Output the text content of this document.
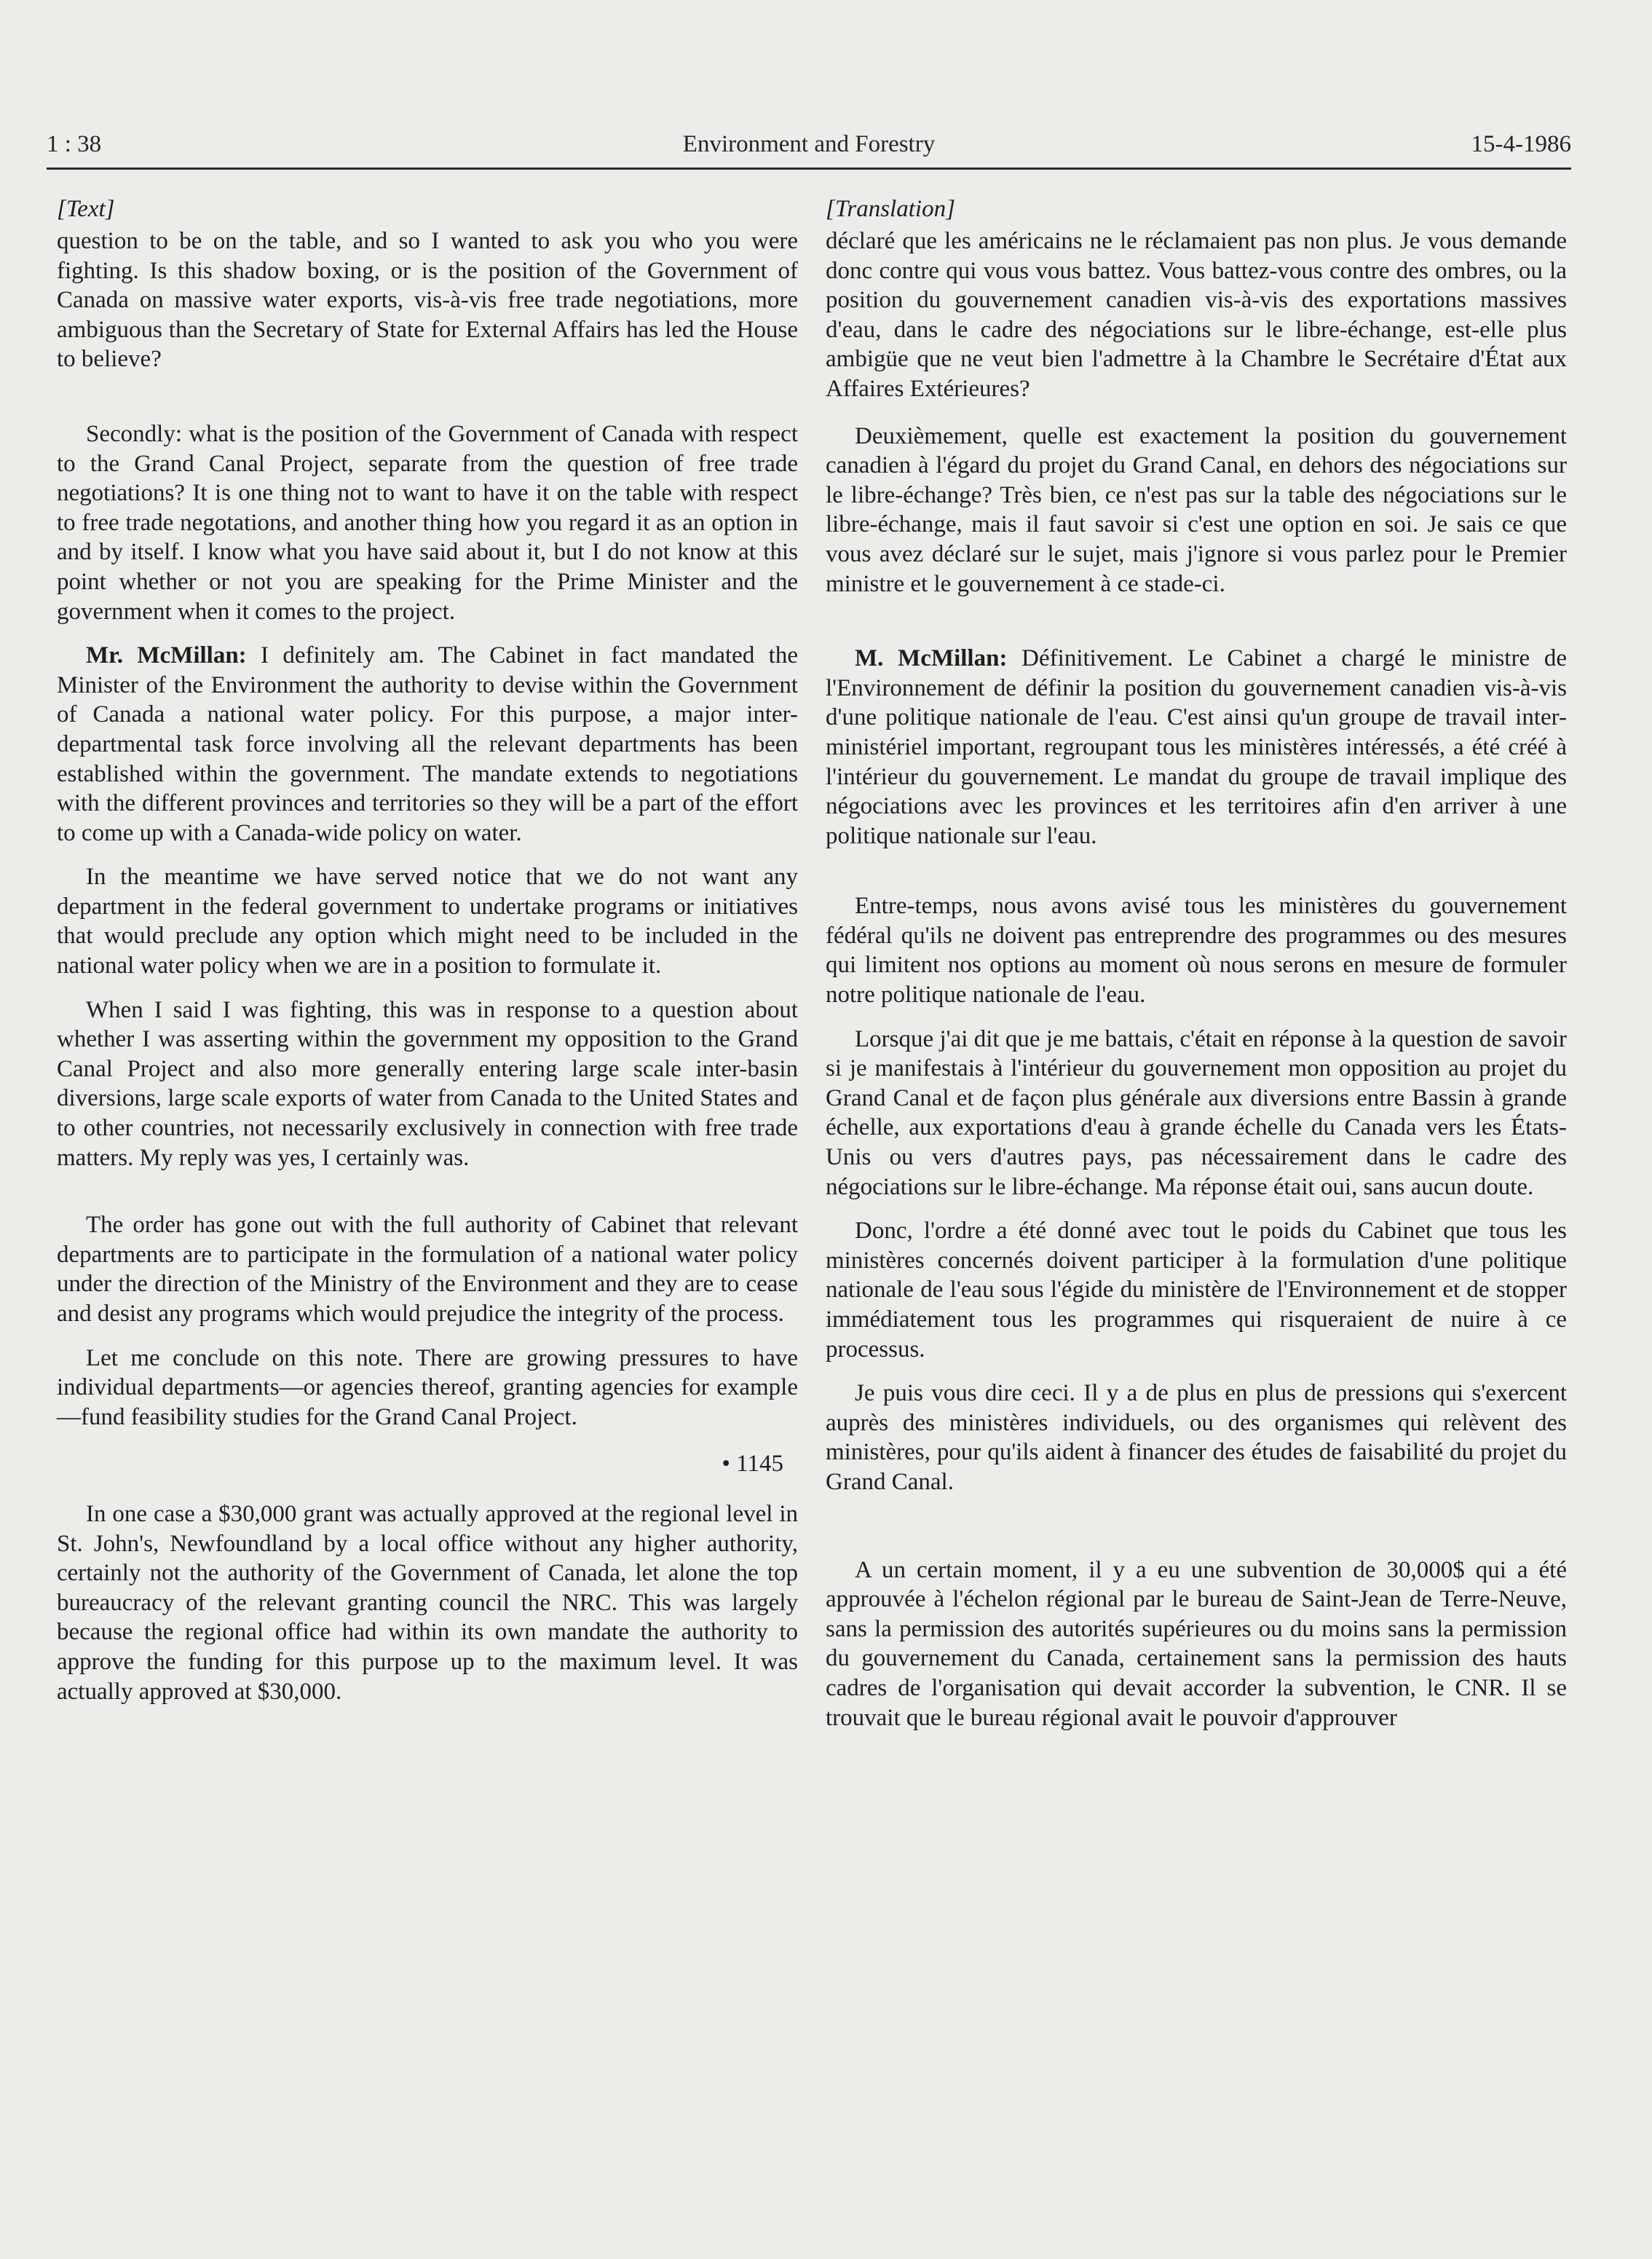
1 : 38	Environment and Forestry	15-4-1986
[Text]

question to be on the table, and so I wanted to ask you who you were fighting. Is this shadow boxing, or is the position of the Government of Canada on massive water exports, vis-à-vis free trade negotiations, more ambiguous than the Secretary of State for External Affairs has led the House to believe?

Secondly: what is the position of the Government of Canada with respect to the Grand Canal Project, separate from the question of free trade negotiations? It is one thing not to want to have it on the table with respect to free trade negotations, and another thing how you regard it as an option in and by itself. I know what you have said about it, but I do not know at this point whether or not you are speaking for the Prime Minister and the government when it comes to the project.

Mr. McMillan: I definitely am. The Cabinet in fact mandated the Minister of the Environment the authority to devise within the Government of Canada a national water policy. For this purpose, a major inter-departmental task force involving all the relevant departments has been established within the government. The mandate extends to negotiations with the different provinces and territories so they will be a part of the effort to come up with a Canada-wide policy on water.

In the meantime we have served notice that we do not want any department in the federal government to undertake programs or initiatives that would preclude any option which might need to be included in the national water policy when we are in a position to formulate it.

When I said I was fighting, this was in response to a question about whether I was asserting within the government my opposition to the Grand Canal Project and also more generally entering large scale inter-basin diversions, large scale exports of water from Canada to the United States and to other countries, not necessarily exclusively in connection with free trade matters. My reply was yes, I certainly was.

The order has gone out with the full authority of Cabinet that relevant departments are to participate in the formulation of a national water policy under the direction of the Ministry of the Environment and they are to cease and desist any programs which would prejudice the integrity of the process.

Let me conclude on this note. There are growing pressures to have individual departments—or agencies thereof, granting agencies for example—fund feasibility studies for the Grand Canal Project.

• 1145

In one case a $30,000 grant was actually approved at the regional level in St. John's, Newfoundland by a local office without any higher authority, certainly not the authority of the Government of Canada, let alone the top bureaucracy of the relevant granting council the NRC. This was largely because the regional office had within its own mandate the authority to approve the funding for this purpose up to the maximum level. It was actually approved at $30,000.

[Translation]

déclaré que les américains ne le réclamaient pas non plus. Je vous demande donc contre qui vous vous battez. Vous battez-vous contre des ombres, ou la position du gouvernement canadien vis-à-vis des exportations massives d'eau, dans le cadre des négociations sur le libre-échange, est-elle plus ambigüe que ne veut bien l'admettre à la Chambre le Secrétaire d'État aux Affaires Extérieures?

Deuxièmement, quelle est exactement la position du gouvernement canadien à l'égard du projet du Grand Canal, en dehors des négociations sur le libre-échange? Très bien, ce n'est pas sur la table des négociations sur le libre-échange, mais il faut savoir si c'est une option en soi. Je sais ce que vous avez déclaré sur le sujet, mais j'ignore si vous parlez pour le Premier ministre et le gouvernement à ce stade-ci.

M. McMillan: Définitivement. Le Cabinet a chargé le ministre de l'Environnement de définir la position du gouvernement canadien vis-à-vis d'une politique nationale de l'eau. C'est ainsi qu'un groupe de travail inter-ministériel important, regroupant tous les ministères intéressés, a été créé à l'intérieur du gouvernement. Le mandat du groupe de travail implique des négociations avec les provinces et les territoires afin d'en arriver à une politique nationale sur l'eau.

Entre-temps, nous avons avisé tous les ministères du gouvernement fédéral qu'ils ne doivent pas entreprendre des programmes ou des mesures qui limitent nos options au moment où nous serons en mesure de formuler notre politique nationale de l'eau.

Lorsque j'ai dit que je me battais, c'était en réponse à la question de savoir si je manifestais à l'intérieur du gouvernement mon opposition au projet du Grand Canal et de façon plus générale aux diversions entre Bassin à grande échelle, aux exportations d'eau à grande échelle du Canada vers les États-Unis ou vers d'autres pays, pas nécessairement dans le cadre des négociations sur le libre-échange. Ma réponse était oui, sans aucun doute.

Donc, l'ordre a été donné avec tout le poids du Cabinet que tous les ministères concernés doivent participer à la formulation d'une politique nationale de l'eau sous l'égide du ministère de l'Environnement et de stopper immédiatement tous les programmes qui risqueraient de nuire à ce processus.

Je puis vous dire ceci. Il y a de plus en plus de pressions qui s'exercent auprès des ministères individuels, ou des organismes qui relèvent des ministères, pour qu'ils aident à financer des études de faisabilité du projet du Grand Canal.

A un certain moment, il y a eu une subvention de 30,000$ qui a été approuvée à l'échelon régional par le bureau de Saint-Jean de Terre-Neuve, sans la permission des autorités supérieures ou du moins sans la permission du gouvernement du Canada, certainement sans la permission des hauts cadres de l'organisation qui devait accorder la subvention, le CNR. Il se trouvait que le bureau régional avait le pouvoir d'approuver
